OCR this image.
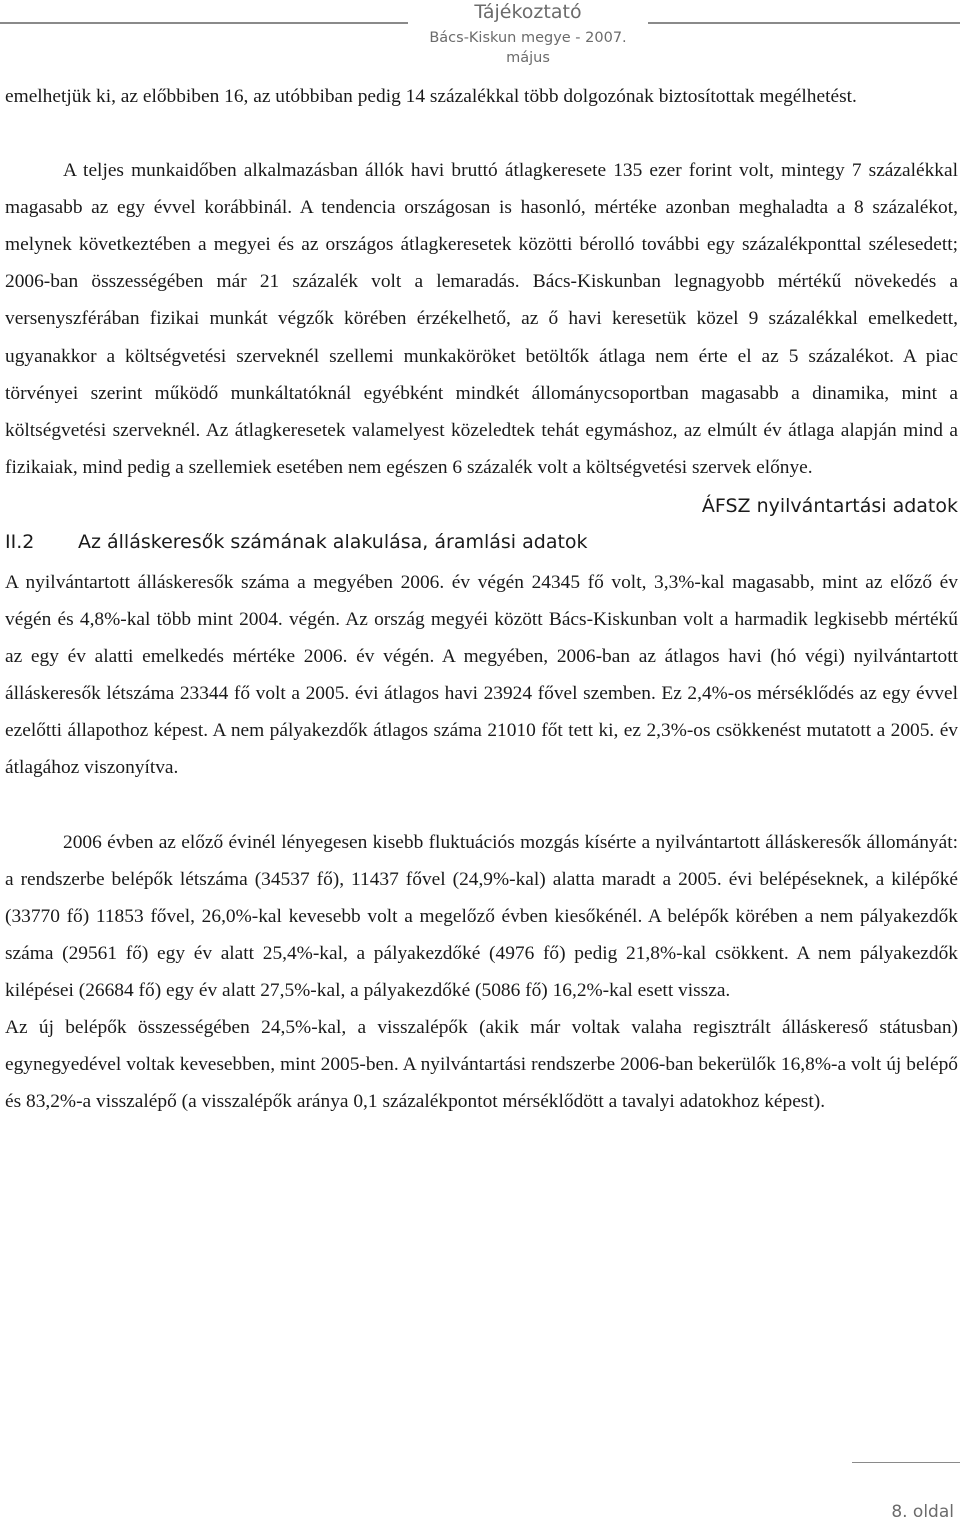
Tájékoztató
Bács-Kiskun megye - 2007. május

emelhetjük ki, az előbbiben 16, az utóbbiban pedig 14 százalékkal több dolgozónak biztosítottak megélhetést.

A teljes munkaidőben alkalmazásban állók havi bruttó átlagkeresete 135 ezer forint volt, mintegy 7 százalékkal magasabb az egy évvel korábbinál. A tendencia országosan is hasonló, mértéke azonban meghaladta a 8 százalékot, melynek következtében a megyei és az országos átlagkeresetek közötti bérolló további egy százalékponttal szélesedett; 2006-ban összességében már 21 százalék volt a lemaradás. Bács-Kiskunban legnagyobb mértékű növekedés a versenyszférában fizikai munkát végzők körében érzékelhető, az ő havi keresetük közel 9 százalékkal emelkedett, ugyanakkor a költségvetési szerveknél szellemi munkaköröket betöltők átlaga nem érte el az 5 százalékot. A piac törvényei szerint működő munkáltatóknál egyébként mindkét állománycsoportban magasabb a dinamika, mint a költségvetési szerveknél. Az átlagkeresetek valamelyest közeledtek tehát egymáshoz, az elmúlt év átlaga alapján mind a fizikaiak, mind pedig a szellemiek esetében nem egészen 6 százalék volt a költségvetési szervek előnye.

ÁFSZ nyilvántartási adatok
II.2	Az álláskeresők számának alakulása, áramlási adatok

A nyilvántartott álláskeresők száma a megyében 2006. év végén 24345 fő volt, 3,3%-kal magasabb, mint az előző év végén és 4,8%-kal több mint 2004. végén. Az ország megyéi között Bács-Kiskunban volt a harmadik legkisebb mértékű az egy év alatti emelkedés mértéke 2006. év végén. A megyében, 2006-ban az átlagos havi (hó végi) nyilvántartott álláskeresők létszáma 23344 fő volt a 2005. évi átlagos havi 23924 fővel szemben. Ez 2,4%-os mérséklődés az egy évvel ezelőtti állapothoz képest. A nem pályakezdők átlagos száma 21010 főt tett ki, ez 2,3%-os csökkenést mutatott a 2005. év átlagához viszonyítva.

2006 évben az előző évinél lényegesen kisebb fluktuációs mozgás kísérte a nyilvántartott álláskeresők állományát: a rendszerbe belépők létszáma (34537 fő), 11437 fővel (24,9%-kal) alatta maradt a 2005. évi belépéseknek, a kilépőké (33770 fő) 11853 fővel, 26,0%-kal kevesebb volt a megelőző évben kiesőkénél. A belépők körében a nem pályakezdők száma (29561 fő) egy év alatt 25,4%-kal, a pályakezdőké (4976 fő) pedig 21,8%-kal csökkent. A nem pályakezdők kilépései (26684 fő) egy év alatt 27,5%-kal, a pályakezdőké (5086 fő) 16,2%-kal esett vissza.

Az új belépők összességében 24,5%-kal, a visszalépők (akik már voltak valaha regisztrált álláskereső státusban) egynegyedével voltak kevesebben, mint 2005-ben. A nyilvántartási rendszerbe 2006-ban bekerülők 16,8%-a volt új belépő és 83,2%-a visszalépő (a visszalépők aránya 0,1 százalékpontot mérséklődött a tavalyi adatokhoz képest).

8. oldal
